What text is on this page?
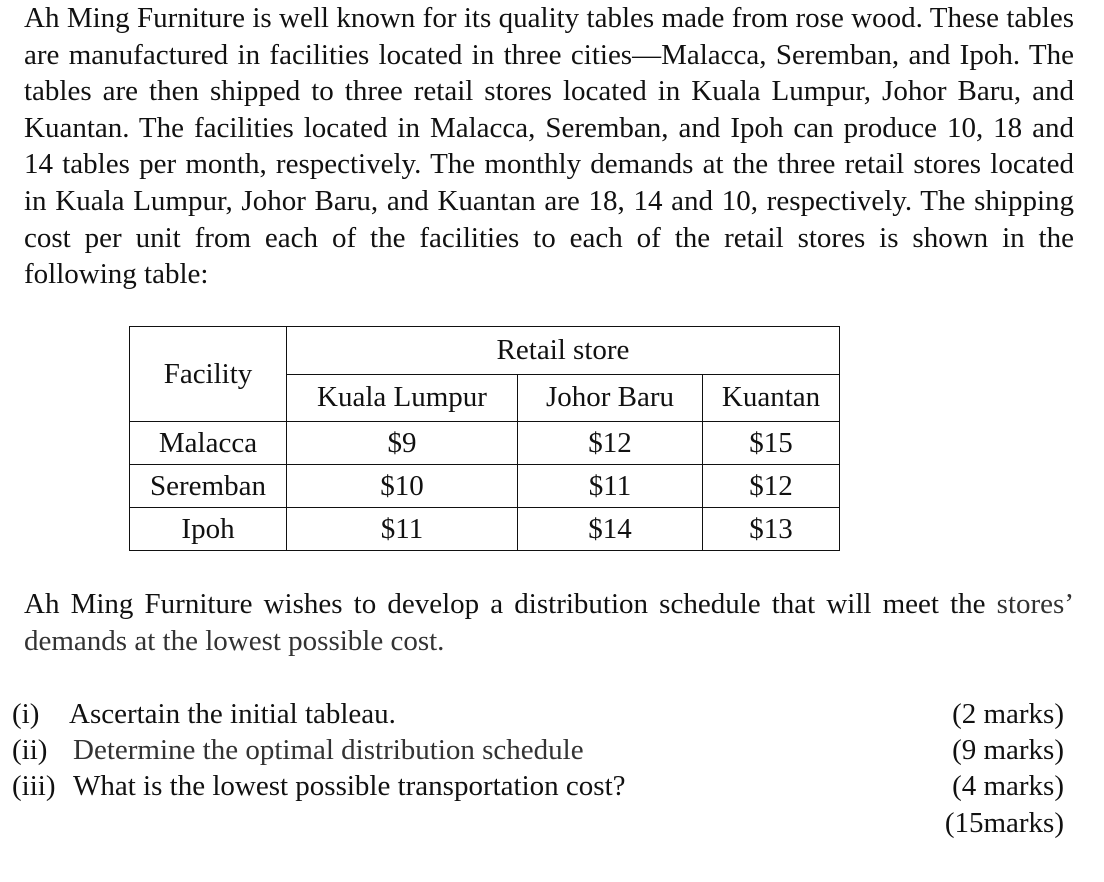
Ah Ming Furniture is well known for its quality tables made from rose wood. These tables are manufactured in facilities located in three cities—Malacca, Seremban, and Ipoh. The tables are then shipped to three retail stores located in Kuala Lumpur, Johor Baru, and Kuantan. The facilities located in Malacca, Seremban, and Ipoh can produce 10, 18 and 14 tables per month, respectively. The monthly demands at the three retail stores located in Kuala Lumpur, Johor Baru, and Kuantan are 18, 14 and 10, respectively. The shipping cost per unit from each of the facilities to each of the retail stores is shown in the following table:

Facility	Retail store		
	Kuala Lumpur	Johor Baru	Kuantan
Malacca	$9	$12	$15
Seremban	$10	$11	$12
Ipoh	$11	$14	$13

Ah Ming Furniture wishes to develop a distribution schedule that will meet the stores’ demands at the lowest possible cost.

(i) Ascertain the initial tableau.
(ii) Determine the optimal distribution schedule
(iii) What is the lowest possible transportation cost?
(2 marks)
(9 marks)
(4 marks)
(15marks)
